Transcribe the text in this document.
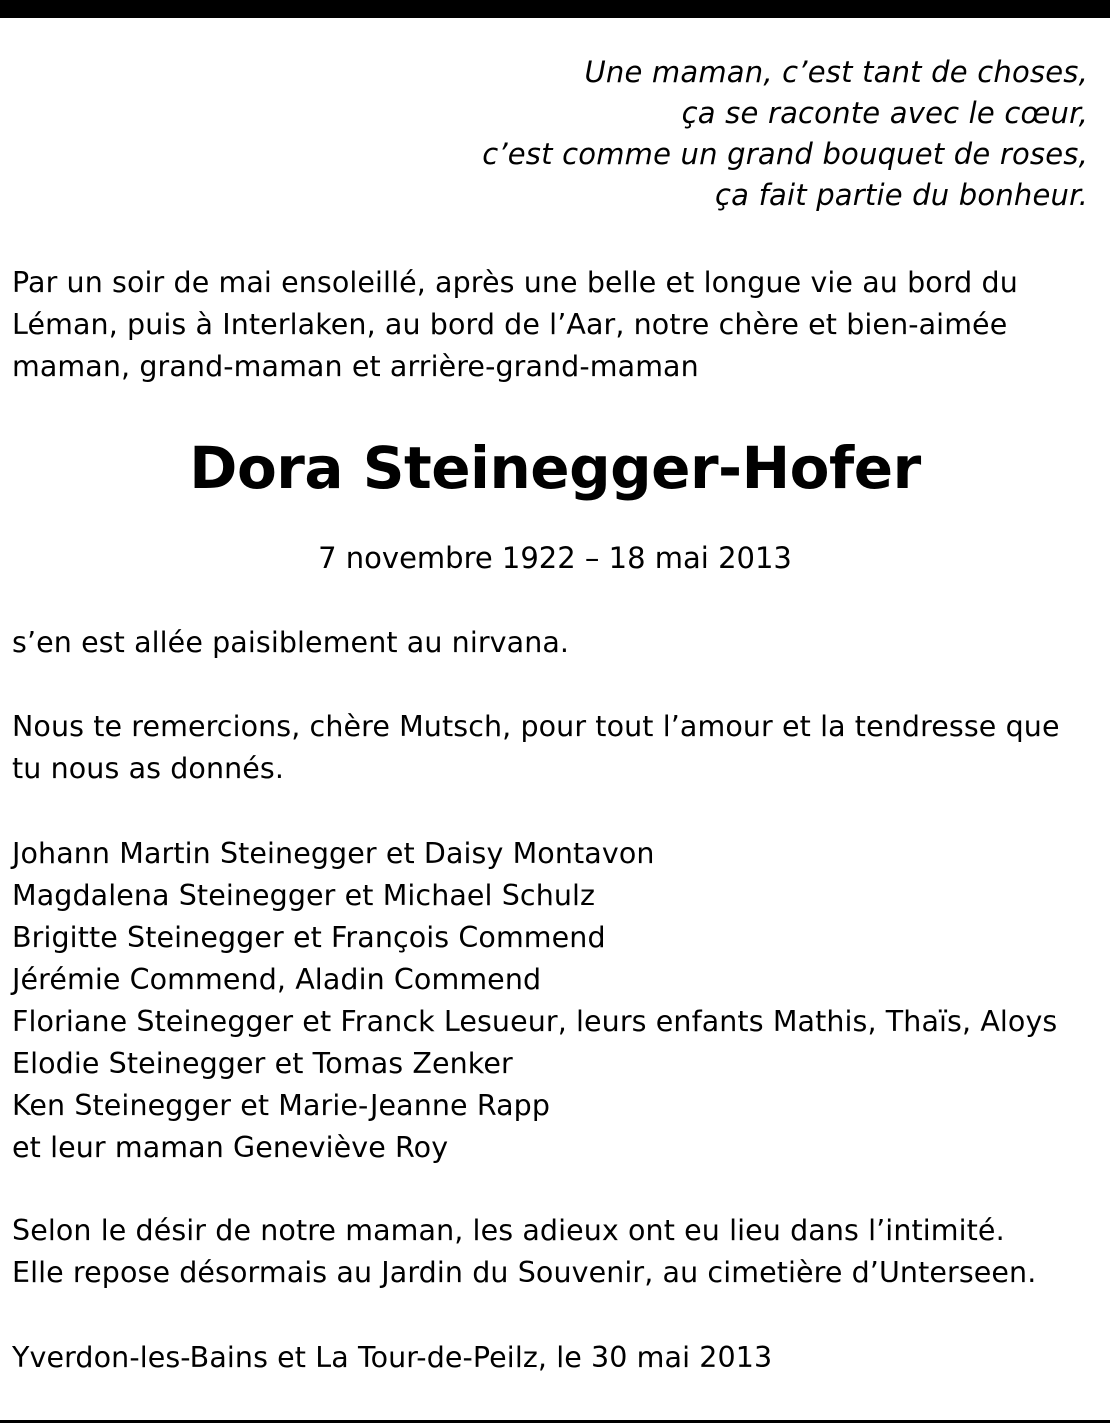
Une maman, c’est tant de choses,
ça se raconte avec le cœur,
c’est comme un grand bouquet de roses,
ça fait partie du bonheur.
Par un soir de mai ensoleillé, après une belle et longue vie au bord du
Léman, puis à Interlaken, au bord de l’Aar, notre chère et bien-aimée
maman, grand-maman et arrière-grand-maman
Dora Steinegger-Hofer
7 novembre 1922 – 18 mai 2013
s’en est allée paisiblement au nirvana.
Nous te remercions, chère Mutsch, pour tout l’amour et la tendresse que
tu nous as donnés.
Johann Martin Steinegger et Daisy Montavon
Magdalena Steinegger et Michael Schulz
Brigitte Steinegger et François Commend
Jérémie Commend, Aladin Commend
Floriane Steinegger et Franck Lesueur, leurs enfants Mathis, Thaïs, Aloys
Elodie Steinegger et Tomas Zenker
Ken Steinegger et Marie-Jeanne Rapp
et leur maman Geneviève Roy
Selon le désir de notre maman, les adieux ont eu lieu dans l’intimité.
Elle repose désormais au Jardin du Souvenir, au cimetière d’Unterseen.
Yverdon-les-Bains et La Tour-de-Peilz, le 30 mai 2013
